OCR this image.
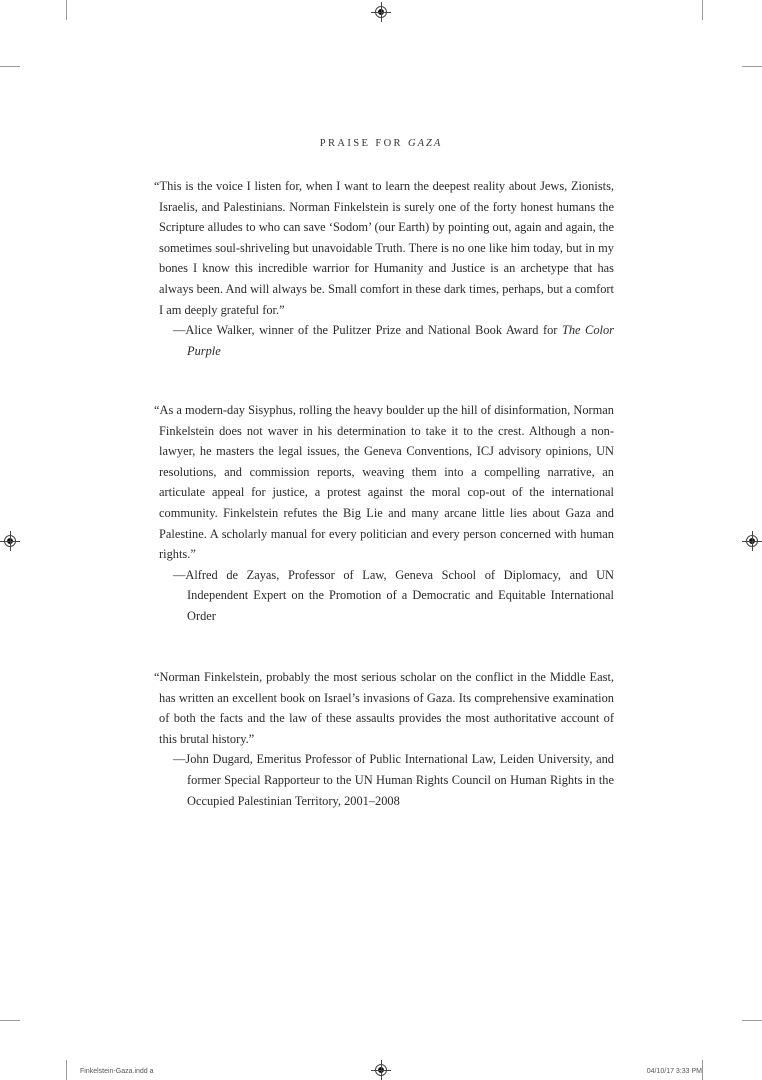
PRAISE FOR GAZA

“This is the voice I listen for, when I want to learn the deepest reality about Jews, Zionists, Israelis, and Palestinians. Norman Finkelstein is surely one of the forty honest humans the Scripture alludes to who can save ‘Sodom’ (our Earth) by pointing out, again and again, the sometimes soul-shriveling but unavoidable Truth. There is no one like him today, but in my bones I know this incredible warrior for Humanity and Justice is an archetype that has always been. And will always be. Small comfort in these dark times, perhaps, but a comfort I am deeply grateful for.”

—Alice Walker, winner of the Pulitzer Prize and National Book Award for The Color Purple

“As a modern-day Sisyphus, rolling the heavy boulder up the hill of disinformation, Norman Finkelstein does not waver in his determination to take it to the crest. Although a non-lawyer, he masters the legal issues, the Geneva Conventions, ICJ advisory opinions, UN resolutions, and commission reports, weaving them into a compelling narrative, an articulate appeal for justice, a protest against the moral cop-out of the international community. Finkelstein refutes the Big Lie and many arcane little lies about Gaza and Palestine. A scholarly manual for every politician and every person concerned with human rights.”

—Alfred de Zayas, Professor of Law, Geneva School of Diplomacy, and UN Independent Expert on the Promotion of a Democratic and Equitable International Order

“Norman Finkelstein, probably the most serious scholar on the conflict in the Middle East, has written an excellent book on Israel’s invasions of Gaza. Its comprehensive examination of both the facts and the law of these assaults provides the most authoritative account of this brutal history.”

—John Dugard, Emeritus Professor of Public International Law, Leiden University, and former Special Rapporteur to the UN Human Rights Council on Human Rights in the Occupied Palestinian Territory, 2001–2008

Finkelstein-Gaza.indd a	04/10/17 3:33 PM
